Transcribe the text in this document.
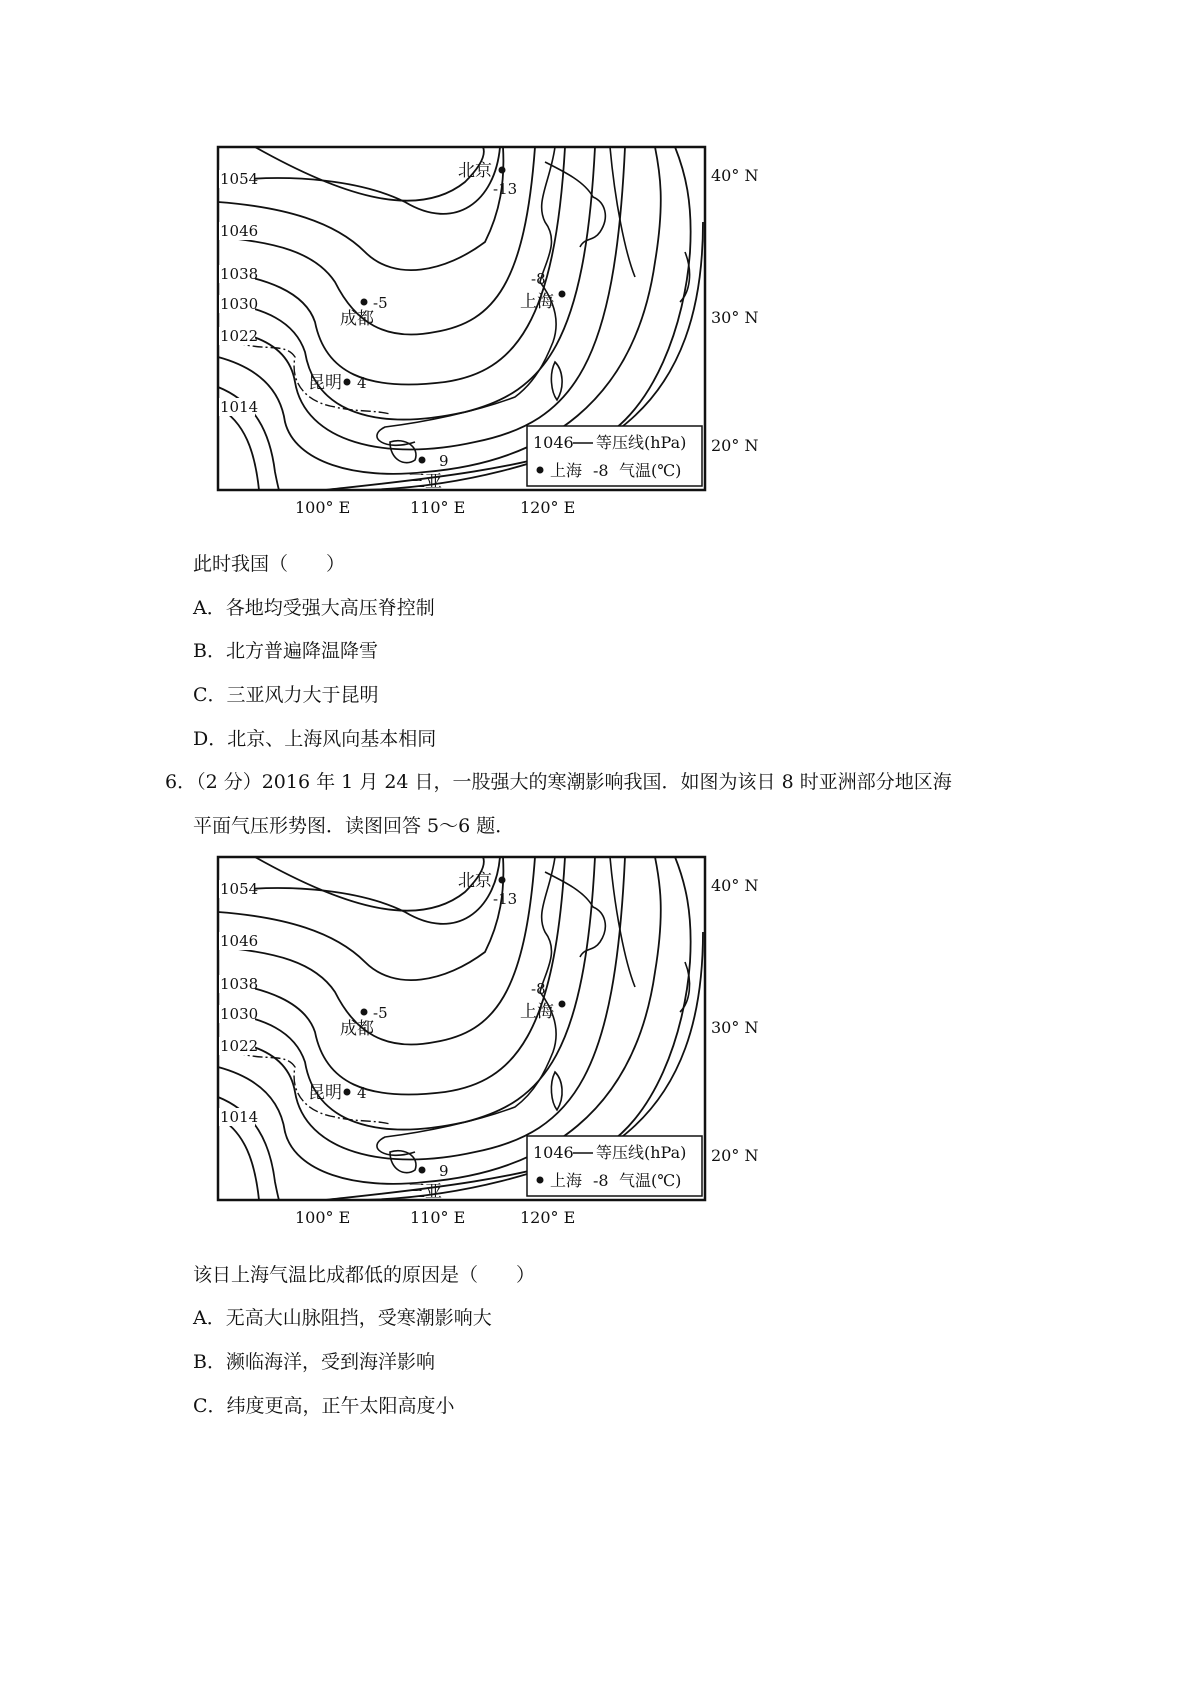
1054
1046
1038
1030
1022
1014
北京
-13
上海
-8
成都
-5
昆明 4
三亚
9
1046 等压线(hPa)
上海 -8 气温(℃)
40° N
30° N
20° N
100° E	110° E	120° E
此时我国（　　）
A．各地均受强大高压脊控制
B．北方普遍降温降雪
C．三亚风力大于昆明
D．北京、上海风向基本相同
6．（2 分）2016 年 1 月 24 日，一股强大的寒潮影响我国．如图为该日 8 时亚洲部分地区海
平面气压形势图．读图回答 5～6 题．
1054
1046
1038
1030
1022
1014
北京
-13
上海
-8
成都
-5
昆明 4
三亚
9
1046 等压线(hPa)
上海 -8 气温(℃)
40° N
30° N
20° N
100° E	110° E	120° E
该日上海气温比成都低的原因是（　　）
A．无高大山脉阻挡，受寒潮影响大
B．濒临海洋，受到海洋影响
C．纬度更高，正午太阳高度小
